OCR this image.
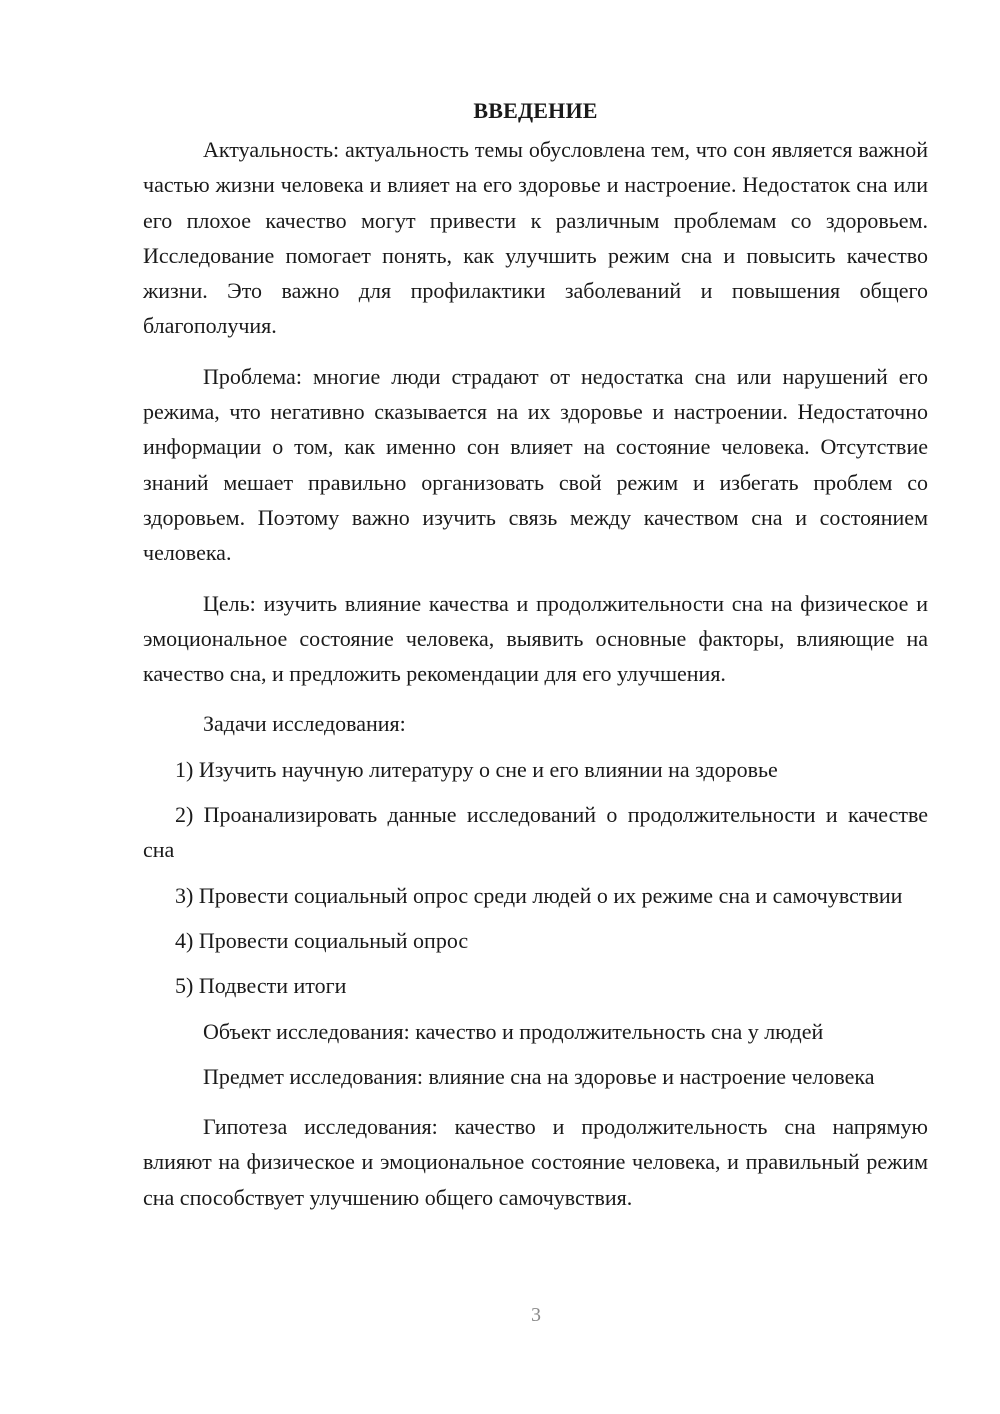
ВВЕДЕНИЕ

Актуальность: актуальность темы обусловлена тем, что сон является важной частью жизни человека и влияет на его здоровье и настроение. Недостаток сна или его плохое качество могут привести к различным проблемам со здоровьем. Исследование помогает понять, как улучшить режим сна и повысить качество жизни. Это важно для профилактики заболеваний и повышения общего благополучия.

Проблема: многие люди страдают от недостатка сна или нарушений его режима, что негативно сказывается на их здоровье и настроении. Недостаточно информации о том, как именно сон влияет на состояние человека. Отсутствие знаний мешает правильно организовать свой режим и избегать проблем со здоровьем. Поэтому важно изучить связь между качеством сна и состоянием человека.

Цель: изучить влияние качества и продолжительности сна на физическое и эмоциональное состояние человека, выявить основные факторы, влияющие на качество сна, и предложить рекомендации для его улучшения.

Задачи исследования:

1) Изучить научную литературу о сне и его влиянии на здоровье

2) Проанализировать данные исследований о продолжительности и качестве сна

3) Провести социальный опрос среди людей о их режиме сна и самочувствии

4) Провести социальный опрос

5) Подвести итоги

Объект исследования: качество и продолжительность сна у людей

Предмет исследования: влияние сна на здоровье и настроение человека

Гипотеза исследования: качество и продолжительность сна напрямую влияют на физическое и эмоциональное состояние человека, и правильный режим сна способствует улучшению общего самочувствия.

3
